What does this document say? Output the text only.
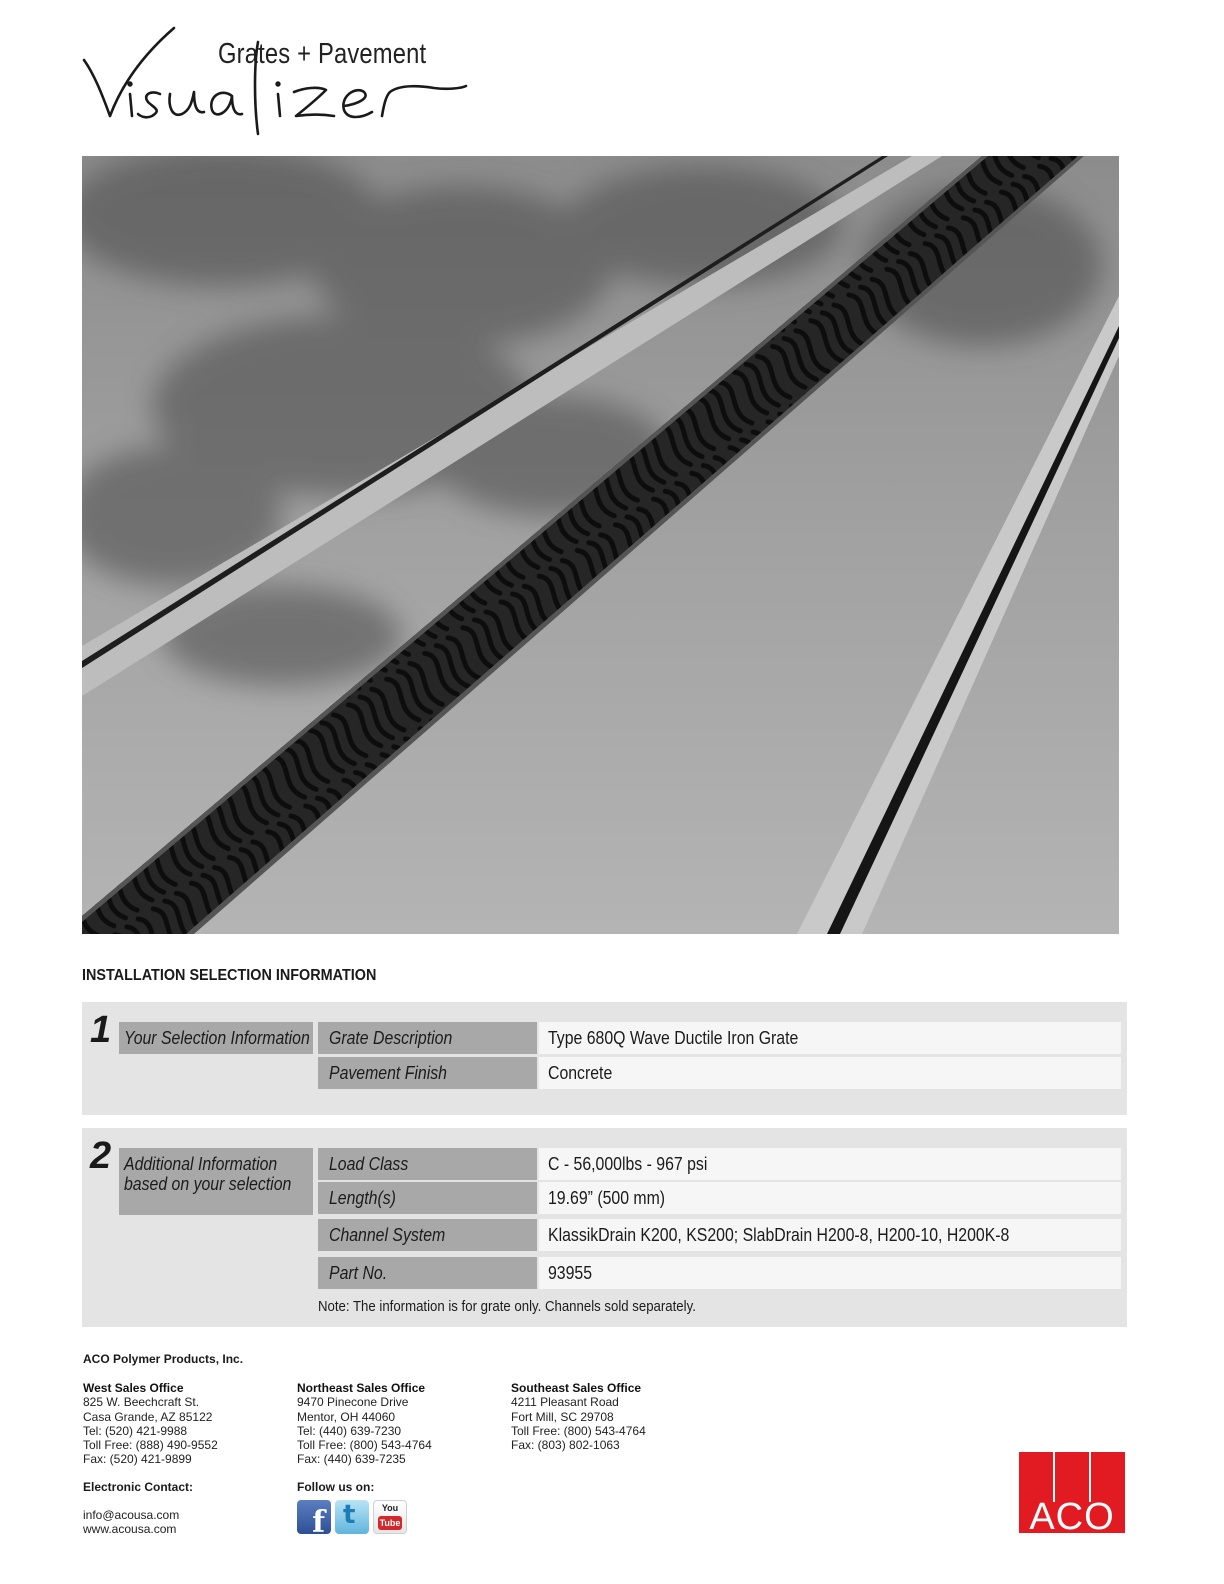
Grates + Pavement
INSTALLATION SELECTION INFORMATION
1 Your Selection Information	Grate Description	Type 680Q Wave Ductile Iron Grate
Pavement Finish	Concrete
2 Additional Information
based on your selection
Load Class	C - 56,000lbs - 967 psi
Length(s)	19.69” (500 mm)
Channel System	KlassikDrain K200, KS200; SlabDrain H200-8, H200-10, H200K-8
Part No.	93955
Note: The information is for grate only. Channels sold separately.
ACO Polymer Products, Inc.
West Sales Office
825 W. Beechcraft St.
Casa Grande, AZ 85122
Tel: (520) 421-9988
Toll Free: (888) 490-9552
Fax: (520) 421-9899
Northeast Sales Office
9470 Pinecone Drive
Mentor, OH 44060
Tel: (440) 639-7230
Toll Free: (800) 543-4764
Fax: (440) 639-7235
Southeast Sales Office
4211 Pleasant Road
Fort Mill, SC 29708
Toll Free: (800) 543-4764
Fax: (803) 802-1063
Electronic Contact:	Follow us on:
info@acousa.com
www.acousa.com	f t	You
Tube	ACO
